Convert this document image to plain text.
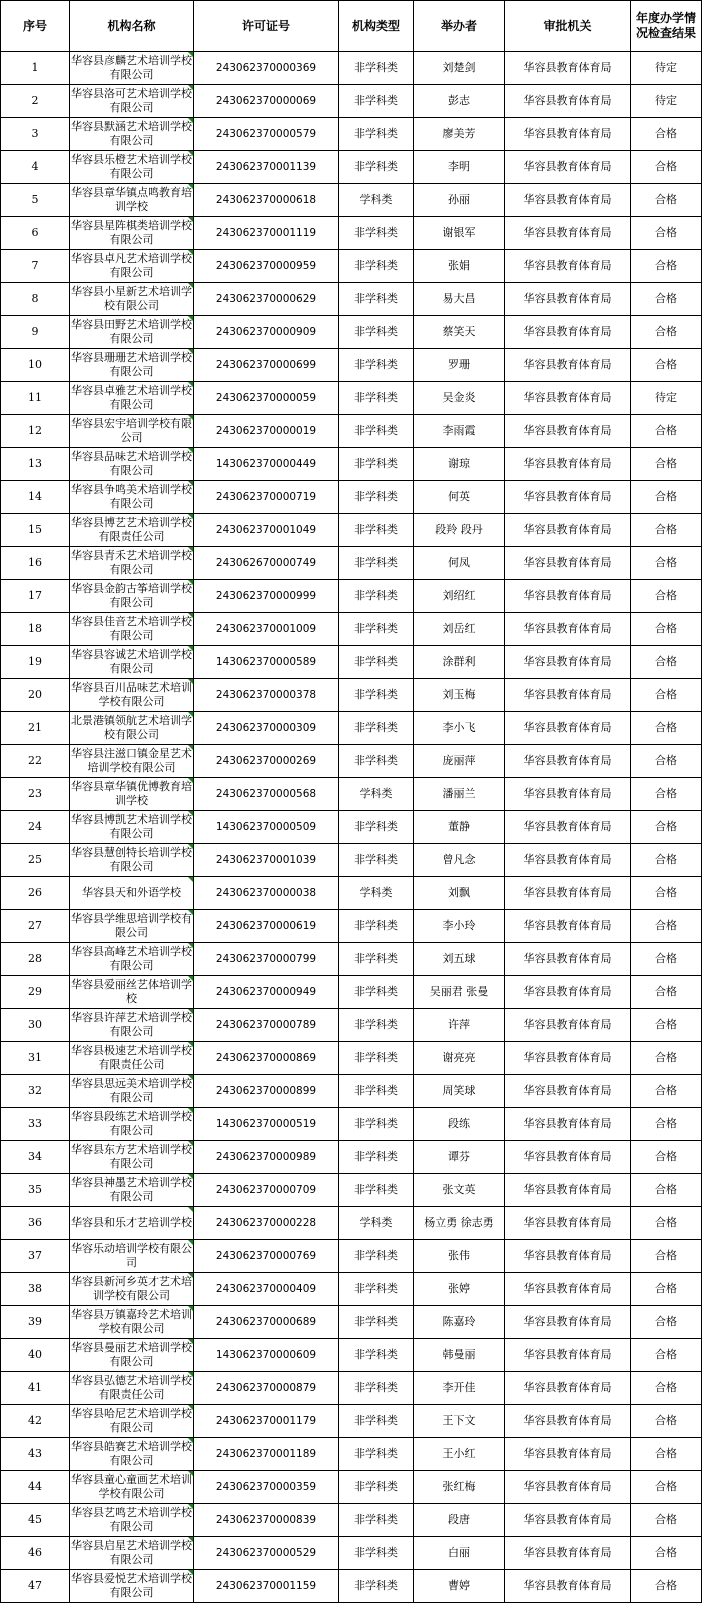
序号	机构名称	许可证号	机构类型	举办者	审批机关	年度办学情况检查结果
1	华容县彦麟艺术培训学校有限公司	243062370000369	非学科类	刘楚剑	华容县教育体育局	待定
2	华容县洛可艺术培训学校有限公司	243062370000069	非学科类	彭志	华容县教育体育局	待定
3	华容县默涵艺术培训学校有限公司	243062370000579	非学科类	廖美芳	华容县教育体育局	合格
4	华容县乐橙艺术培训学校有限公司	243062370001139	非学科类	李明	华容县教育体育局	合格
5	华容县章华镇点鸣教育培训学校	243062370000618	学科类	孙丽	华容县教育体育局	合格
6	华容县星阵棋类培训学校有限公司	243062370001119	非学科类	谢银军	华容县教育体育局	合格
7	华容县卓凡艺术培训学校有限公司	243062370000959	非学科类	张娟	华容县教育体育局	合格
8	华容县小星新艺术培训学校有限公司	243062370000629	非学科类	易大昌	华容县教育体育局	合格
9	华容县田野艺术培训学校有限公司	243062370000909	非学科类	蔡笑天	华容县教育体育局	合格
10	华容县珊珊艺术培训学校有限公司	243062370000699	非学科类	罗珊	华容县教育体育局	合格
11	华容县卓雅艺术培训学校有限公司	243062370000059	非学科类	吴金炎	华容县教育体育局	待定
12	华容县宏宇培训学校有限公司	243062370000019	非学科类	李雨霞	华容县教育体育局	合格
13	华容县品味艺术培训学校有限公司	143062370000449	非学科类	谢琼	华容县教育体育局	合格
14	华容县争鸣美术培训学校有限公司	243062370000719	非学科类	何英	华容县教育体育局	合格
15	华容县博艺艺术培训学校有限责任公司	243062370001049	非学科类	段羚 段丹	华容县教育体育局	合格
16	华容县青禾艺术培训学校有限公司	243062670000749	非学科类	何凤	华容县教育体育局	合格
17	华容县金韵古筝培训学校有限公司	243062370000999	非学科类	刘绍红	华容县教育体育局	合格
18	华容县佳音艺术培训学校有限公司	243062370001009	非学科类	刘岳红	华容县教育体育局	合格
19	华容县容诚艺术培训学校有限公司	143062370000589	非学科类	涂群利	华容县教育体育局	合格
20	华容县百川品味艺术培训学校有限公司	243062370000378	非学科类	刘玉梅	华容县教育体育局	合格
21	北景港镇领航艺术培训学校有限公司	243062370000309	非学科类	李小飞	华容县教育体育局	合格
22	华容县注滋口镇金星艺术培训学校有限公司	243062370000269	非学科类	庞丽萍	华容县教育体育局	合格
23	华容县章华镇优博教育培训学校	243062370000568	学科类	潘丽兰	华容县教育体育局	合格
24	华容县博凯艺术培训学校有限公司	143062370000509	非学科类	董静	华容县教育体育局	合格
25	华容县慧创特长培训学校有限公司	243062370001039	非学科类	曾凡念	华容县教育体育局	合格
26	华容县天和外语学校	243062370000038	学科类	刘飘	华容县教育体育局	合格
27	华容县学维思培训学校有限公司	243062370000619	非学科类	李小玲	华容县教育体育局	合格
28	华容县高峰艺术培训学校有限公司	243062370000799	非学科类	刘五球	华容县教育体育局	合格
29	华容县爱丽丝艺体培训学校	243062370000949	非学科类	吴丽君 张曼	华容县教育体育局	合格
30	华容县许萍艺术培训学校有限公司	243062370000789	非学科类	许萍	华容县教育体育局	合格
31	华容县极速艺术培训学校有限责任公司	243062370000869	非学科类	谢亮亮	华容县教育体育局	合格
32	华容县思远美术培训学校有限公司	243062370000899	非学科类	周笑球	华容县教育体育局	合格
33	华容县段练艺术培训学校有限公司	143062370000519	非学科类	段练	华容县教育体育局	合格
34	华容县东方艺术培训学校有限公司	243062370000989	非学科类	谭芬	华容县教育体育局	合格
35	华容县神墨艺术培训学校有限公司	243062370000709	非学科类	张文英	华容县教育体育局	合格
36	华容县和乐才艺培训学校	243062370000228	学科类	杨立勇 徐志勇	华容县教育体育局	合格
37	华容乐动培训学校有限公司	243062370000769	非学科类	张伟	华容县教育体育局	合格
38	华容县新河乡英才艺术培训学校有限公司	243062370000409	非学科类	张婷	华容县教育体育局	合格
39	华容县万镇嘉玲艺术培训学校有限公司	243062370000689	非学科类	陈嘉玲	华容县教育体育局	合格
40	华容县曼丽艺术培训学校有限公司	143062370000609	非学科类	韩曼丽	华容县教育体育局	合格
41	华容县弘德艺术培训学校有限责任公司	243062370000879	非学科类	李开佳	华容县教育体育局	合格
42	华容县哈尼艺术培训学校有限公司	243062370001179	非学科类	王下文	华容县教育体育局	合格
43	华容县皓赛艺术培训学校有限公司	243062370001189	非学科类	王小红	华容县教育体育局	合格
44	华容县童心童画艺术培训学校有限公司	243062370000359	非学科类	张红梅	华容县教育体育局	合格
45	华容县艺鸣艺术培训学校有限公司	243062370000839	非学科类	段唐	华容县教育体育局	合格
46	华容县启星艺术培训学校有限公司	243062370000529	非学科类	白丽	华容县教育体育局	合格
47	华容县爱悦艺术培训学校有限公司	243062370001159	非学科类	曹婷	华容县教育体育局	合格
